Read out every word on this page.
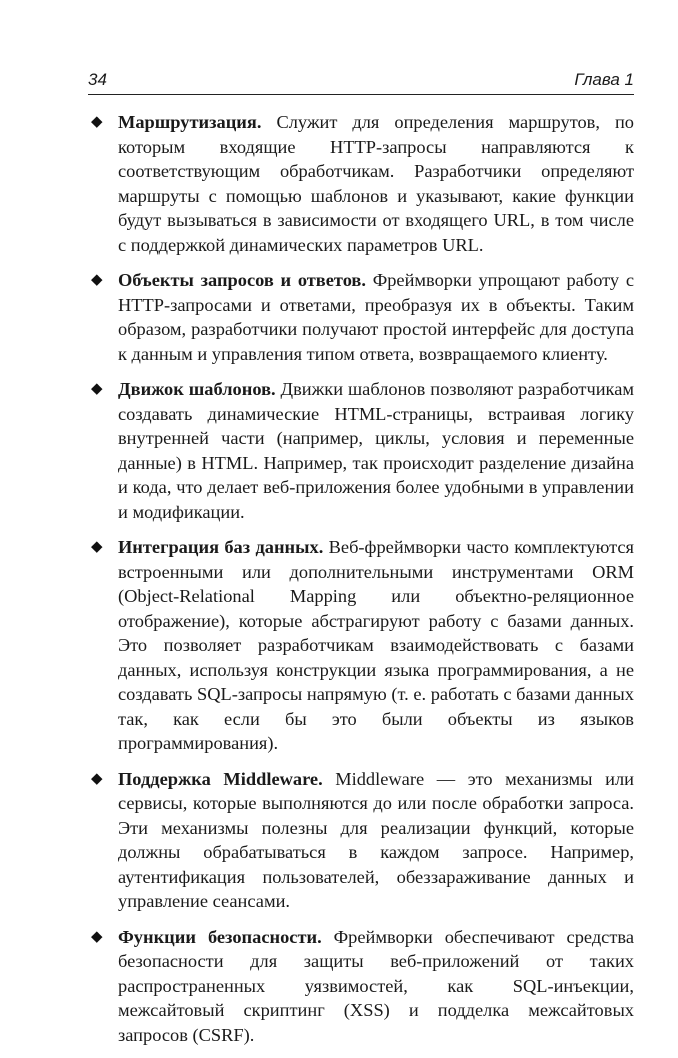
34	Глава 1
◆ Маршрутизация. Служит для определения маршрутов, по которым входящие HTTP-запросы направляются к соответствующим обработчикам. Разработчики определяют маршруты с помощью шаблонов и указывают, какие функции будут вызываться в зависимости от входящего URL, в том числе с поддержкой динамических параметров URL.
◆ Объекты запросов и ответов. Фреймворки упрощают работу с HTTP-запросами и ответами, преобразуя их в объекты. Таким образом, разработчики получают простой интерфейс для доступа к данным и управления типом ответа, возвращаемого клиенту.
◆ Движок шаблонов. Движки шаблонов позволяют разработчикам создавать динамические HTML-страницы, встраивая логику внутренней части (например, циклы, условия и переменные данные) в HTML. Например, так происходит разделение дизайна и кода, что делает веб-приложения более удобными в управлении и модификации.
◆ Интеграция баз данных. Веб-фреймворки часто комплектуются встроенными или дополнительными инструментами ORM (Object-Relational Mapping или объектно-реляционное отображение), которые абстрагируют работу с базами данных. Это позволяет разработчикам взаимодействовать с базами данных, используя конструкции языка программирования, а не создавать SQL-запросы напрямую (т. е. работать с базами данных так, как если бы это были объекты из языков программирования).
◆ Поддержка Middleware. Middleware — это механизмы или сервисы, которые выполняются до или после обработки запроса. Эти механизмы полезны для реализации функций, которые должны обрабатываться в каждом запросе. Например, аутентификация пользователей, обеззараживание данных и управление сеансами.
◆ Функции безопасности. Фреймворки обеспечивают средства безопасности для защиты веб-приложений от таких распространенных уязвимостей, как SQL-инъекции, межсайтовый скриптинг (XSS) и подделка межсайтовых запросов (CSRF).
